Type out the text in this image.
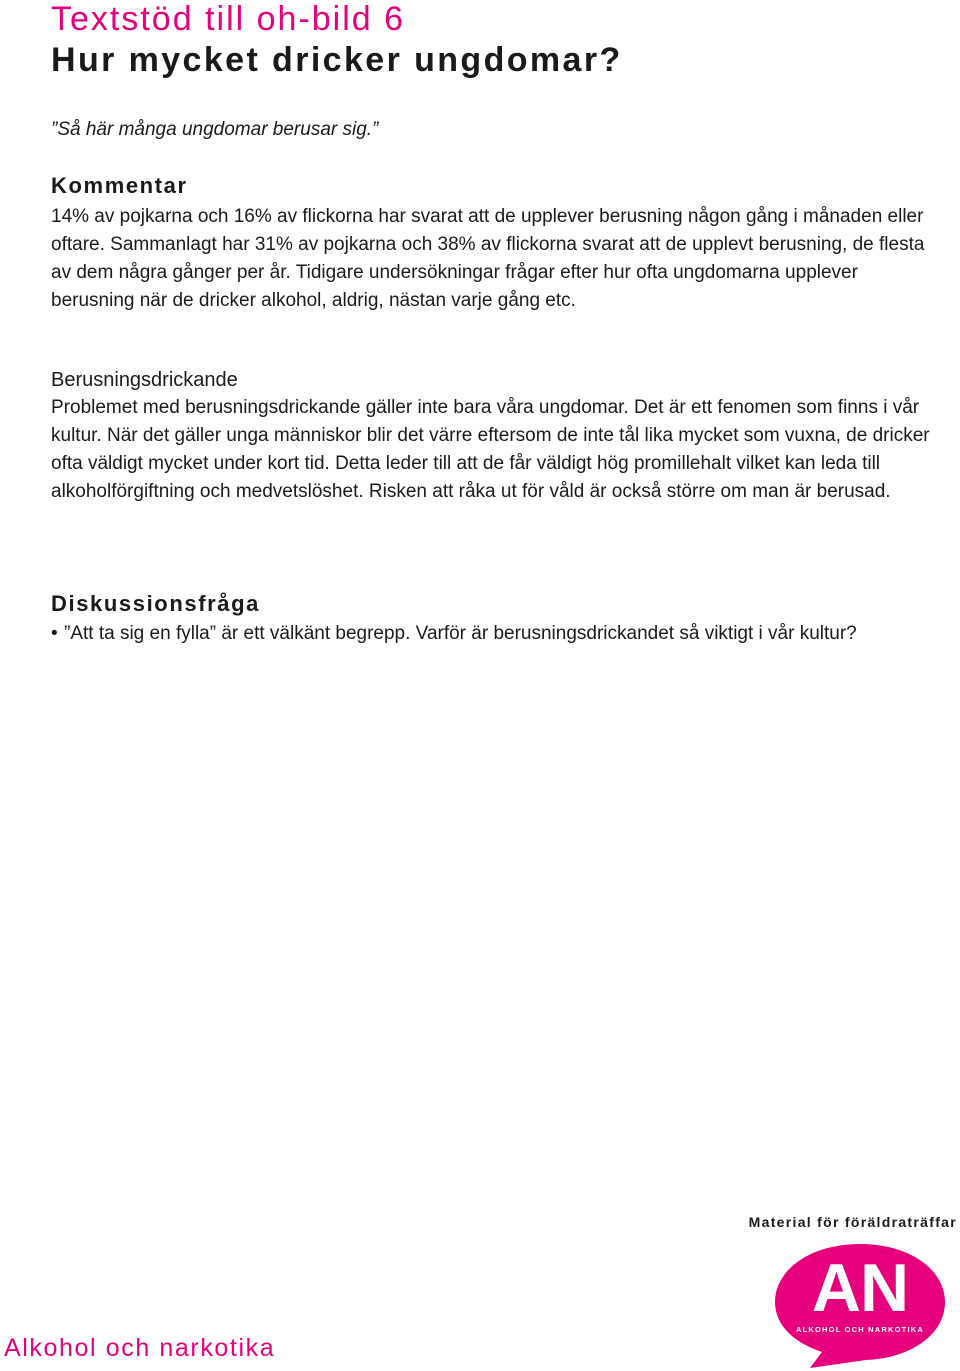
Textstöd till oh-bild 6
Hur mycket dricker ungdomar?

”Så här många ungdomar berusar sig.”

Kommentar

14% av pojkarna och 16% av flickorna har svarat att de upplever berusning någon gång i månaden eller oftare. Sammanlagt har 31% av pojkarna och 38% av flickorna svarat att de upplevt berusning, de flesta av dem några gånger per år. Tidigare undersökningar frågar efter hur ofta ungdomarna upplever berusning när de dricker alkohol, aldrig, nästan varje gång etc.

Berusningsdrickande

Problemet med berusningsdrickande gäller inte bara våra ungdomar. Det är ett fenomen som finns i vår kultur. När det gäller unga människor blir det värre eftersom de inte tål lika mycket som vuxna, de dricker ofta väldigt mycket under kort tid. Detta leder till att de får väldigt hög promillehalt vilket kan leda till alkoholförgiftning och medvetslöshet. Risken att råka ut för våld är också större om man är berusad.

Diskussionsfråga
• ”Att ta sig en fylla” är ett välkänt begrepp. Varför är berusningsdrickandet så viktigt i vår kultur?

Material för föräldraträffar

AN

ALKOHOL OCH NARKOTIKA

Alkohol och narkotika
